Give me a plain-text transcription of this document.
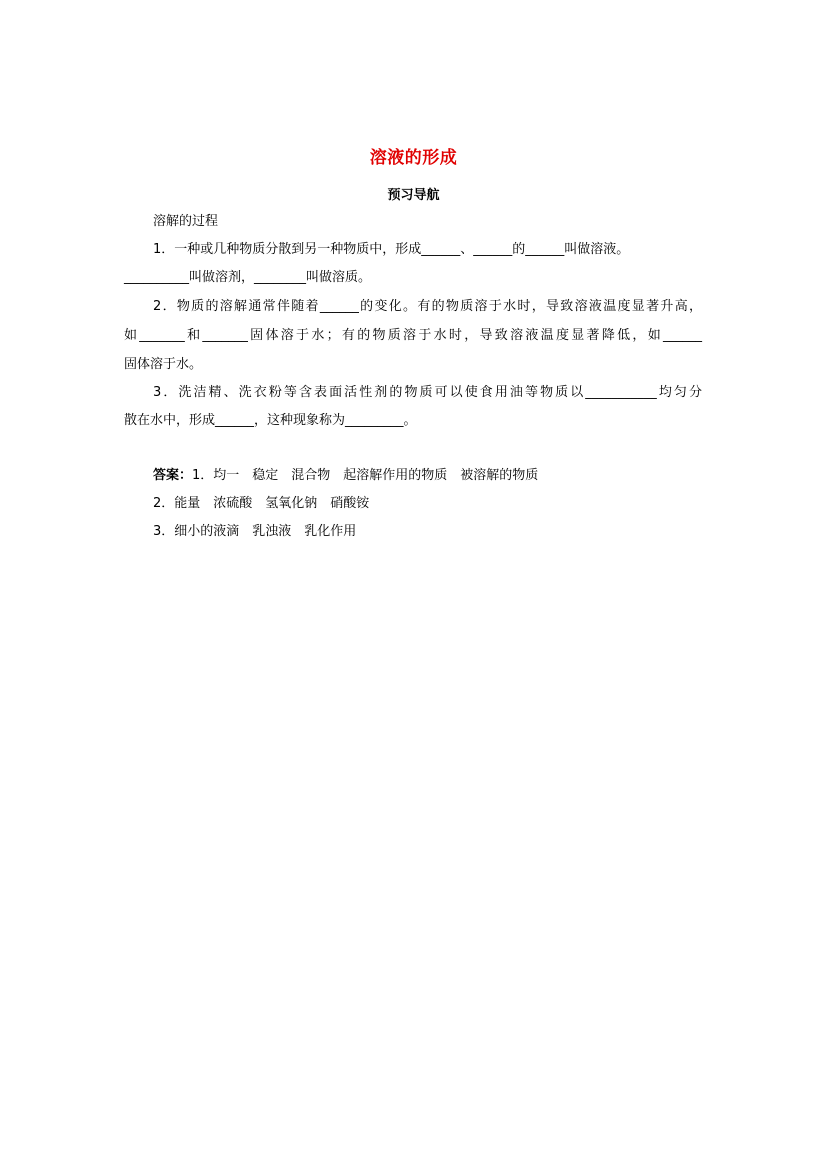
溶液的形成
预习导航
溶解的过程
1．一种或几种物质分散到另一种物质中，形成______、______的______叫做溶液。
__________叫做溶剂，________叫做溶质。
2．物质的溶解通常伴随着______的变化。有的物质溶于水时，导致溶液温度显著升高，
如_______和_______固体溶于水；有的物质溶于水时，导致溶液温度显著降低，如______
固体溶于水。
3．洗洁精、洗衣粉等含表面活性剂的物质可以使食用油等物质以___________均匀分
散在水中，形成______，这种现象称为_________。
答案：1．均一　稳定　混合物　起溶解作用的物质　被溶解的物质
2．能量　浓硫酸　氢氧化钠　硝酸铵
3．细小的液滴　乳浊液　乳化作用
